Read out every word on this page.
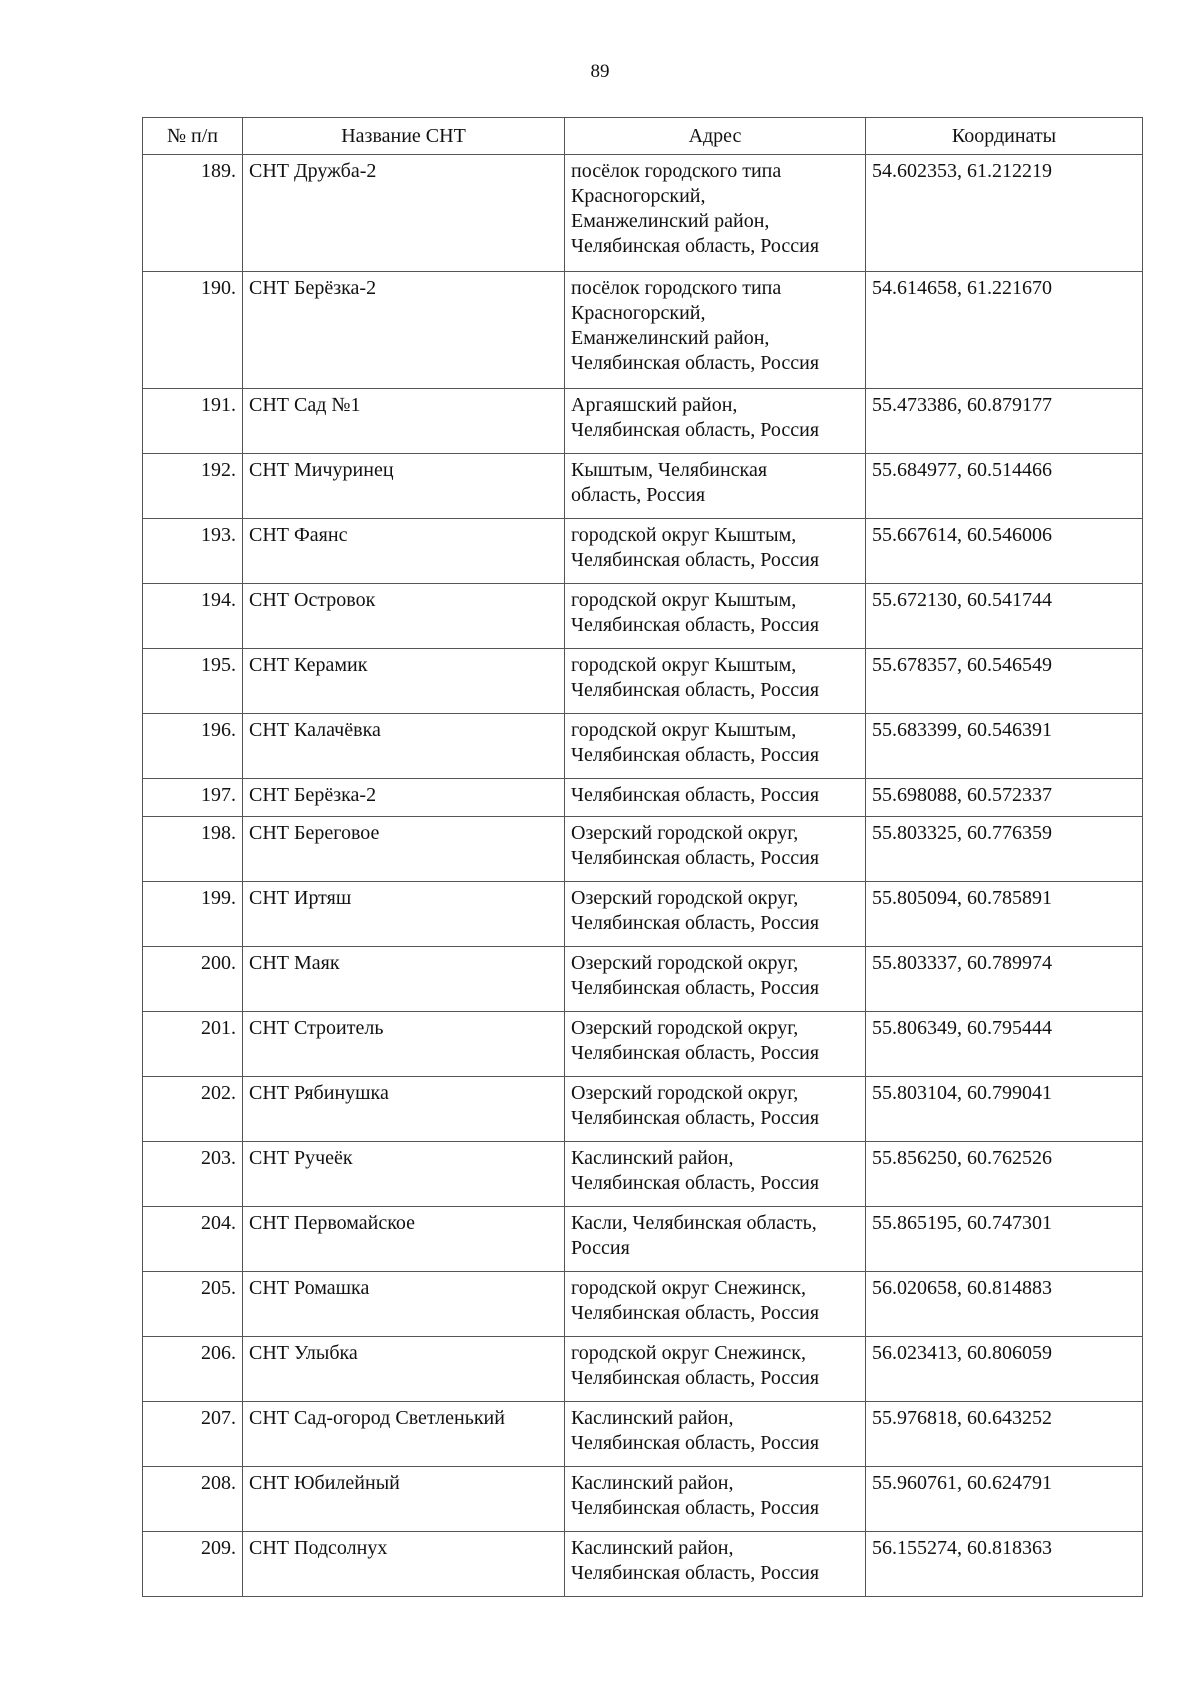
89
№ п/п	Название СНТ	Адрес	Координаты
189.	СНТ Дружба-2	посёлок городского типа
Красногорский,
Еманжелинский район,
Челябинская область, Россия	54.602353, 61.212219
190.	СНТ Берёзка-2	посёлок городского типа
Красногорский,
Еманжелинский район,
Челябинская область, Россия	54.614658, 61.221670
191.	СНТ Сад №1	Аргаяшский район,
Челябинская область, Россия	55.473386, 60.879177
192.	СНТ Мичуринец	Кыштым, Челябинская
область, Россия	55.684977, 60.514466
193.	СНТ Фаянс	городской округ Кыштым,
Челябинская область, Россия	55.667614, 60.546006
194.	СНТ Островок	городской округ Кыштым,
Челябинская область, Россия	55.672130, 60.541744
195.	СНТ Керамик	городской округ Кыштым,
Челябинская область, Россия	55.678357, 60.546549
196.	СНТ Калачёвка	городской округ Кыштым,
Челябинская область, Россия	55.683399, 60.546391
197.	СНТ Берёзка-2	Челябинская область, Россия	55.698088, 60.572337
198.	СНТ Береговое	Озерский городской округ,
Челябинская область, Россия	55.803325, 60.776359
199.	СНТ Иртяш	Озерский городской округ,
Челябинская область, Россия	55.805094, 60.785891
200.	СНТ Маяк	Озерский городской округ,
Челябинская область, Россия	55.803337, 60.789974
201.	СНТ Строитель	Озерский городской округ,
Челябинская область, Россия	55.806349, 60.795444
202.	СНТ Рябинушка	Озерский городской округ,
Челябинская область, Россия	55.803104, 60.799041
203.	СНТ Ручеёк	Каслинский район,
Челябинская область, Россия	55.856250, 60.762526
204.	СНТ Первомайское	Касли, Челябинская область,
Россия	55.865195, 60.747301
205.	СНТ Ромашка	городской округ Снежинск,
Челябинская область, Россия	56.020658, 60.814883
206.	СНТ Улыбка	городской округ Снежинск,
Челябинская область, Россия	56.023413, 60.806059
207.	СНТ Сад-огород Светленький	Каслинский район,
Челябинская область, Россия	55.976818, 60.643252
208.	СНТ Юбилейный	Каслинский район,
Челябинская область, Россия	55.960761, 60.624791
209.	СНТ Подсолнух	Каслинский район,
Челябинская область, Россия	56.155274, 60.818363
